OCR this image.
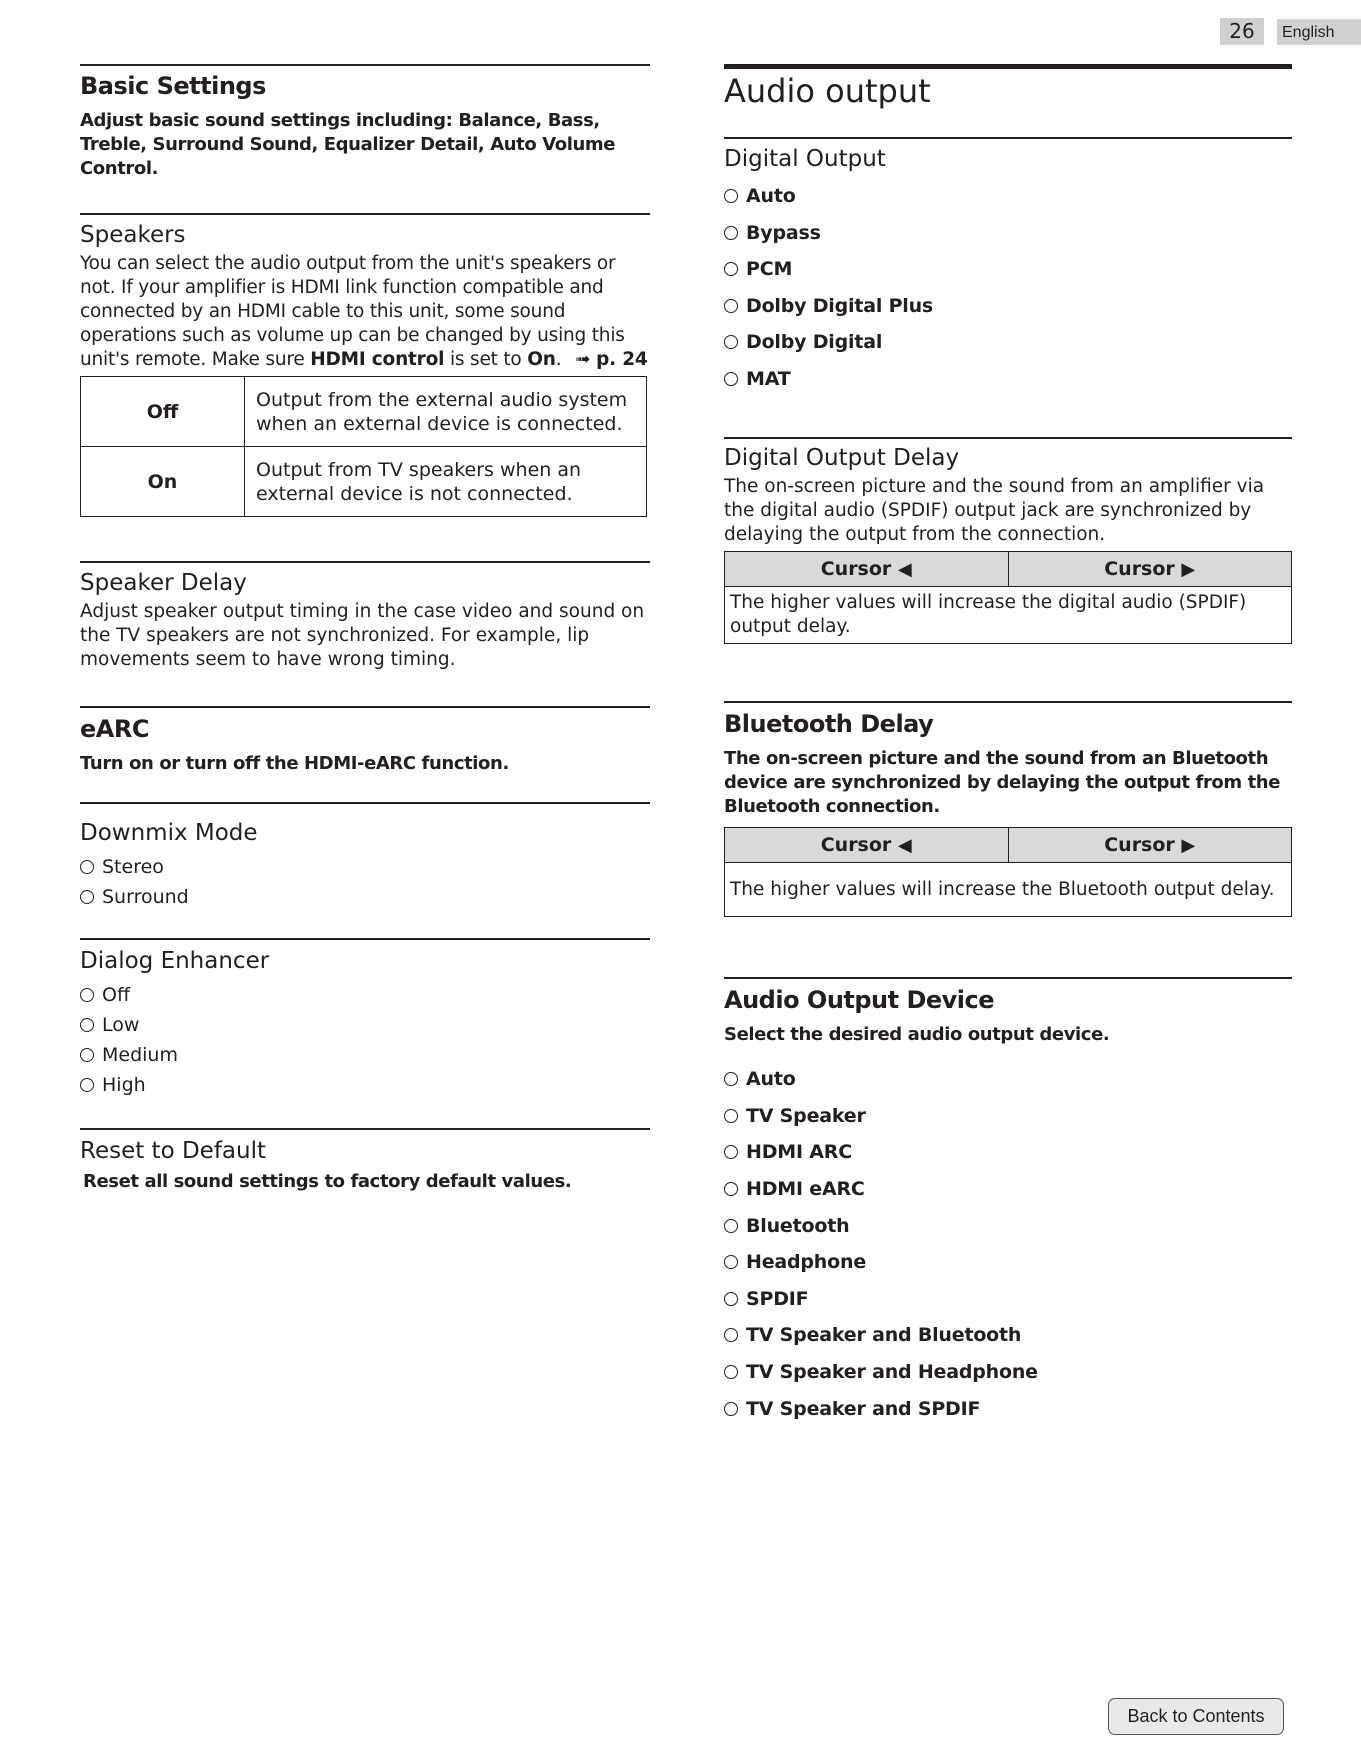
26	English
Basic Settings
Adjust basic sound settings including: Balance, Bass, Treble, Surround Sound, Equalizer Detail, Auto Volume Control.
Speakers
You can select the audio output from the unit's speakers or not. If your amplifier is HDMI link function compatible and connected by an HDMI cable to this unit, some sound operations such as volume up can be changed by using this unit's remote. Make sure HDMI control is set to On. ➟ p. 24
Off	Output from the external audio system when an external device is connected.
On	Output from TV speakers when an external device is not connected.
Speaker Delay
Adjust speaker output timing in the case video and sound on the TV speakers are not synchronized. For example, lip movements seem to have wrong timing.
eARC
Turn on or turn off the HDMI-eARC function.
Downmix Mode
Stereo
Surround
Dialog Enhancer
Off
Low
Medium
High
Reset to Default
Reset all sound settings to factory default values.
Audio output
Digital Output
Auto
Bypass
PCM
Dolby Digital Plus
Dolby Digital
MAT
Digital Output Delay
The on-screen picture and the sound from an amplifier via the digital audio (SPDIF) output jack are synchronized by delaying the output from the connection.
Cursor ◀	Cursor ▶
The higher values will increase the digital audio (SPDIF) output delay.
Bluetooth Delay
The on-screen picture and the sound from an Bluetooth device are synchronized by delaying the output from the Bluetooth connection.
Cursor ◀	Cursor ▶
The higher values will increase the Bluetooth output delay.
Audio Output Device
Select the desired audio output device.
Auto
TV Speaker
HDMI ARC
HDMI eARC
Bluetooth
Headphone
SPDIF
TV Speaker and Bluetooth
TV Speaker and Headphone
TV Speaker and SPDIF
Back to Contents
